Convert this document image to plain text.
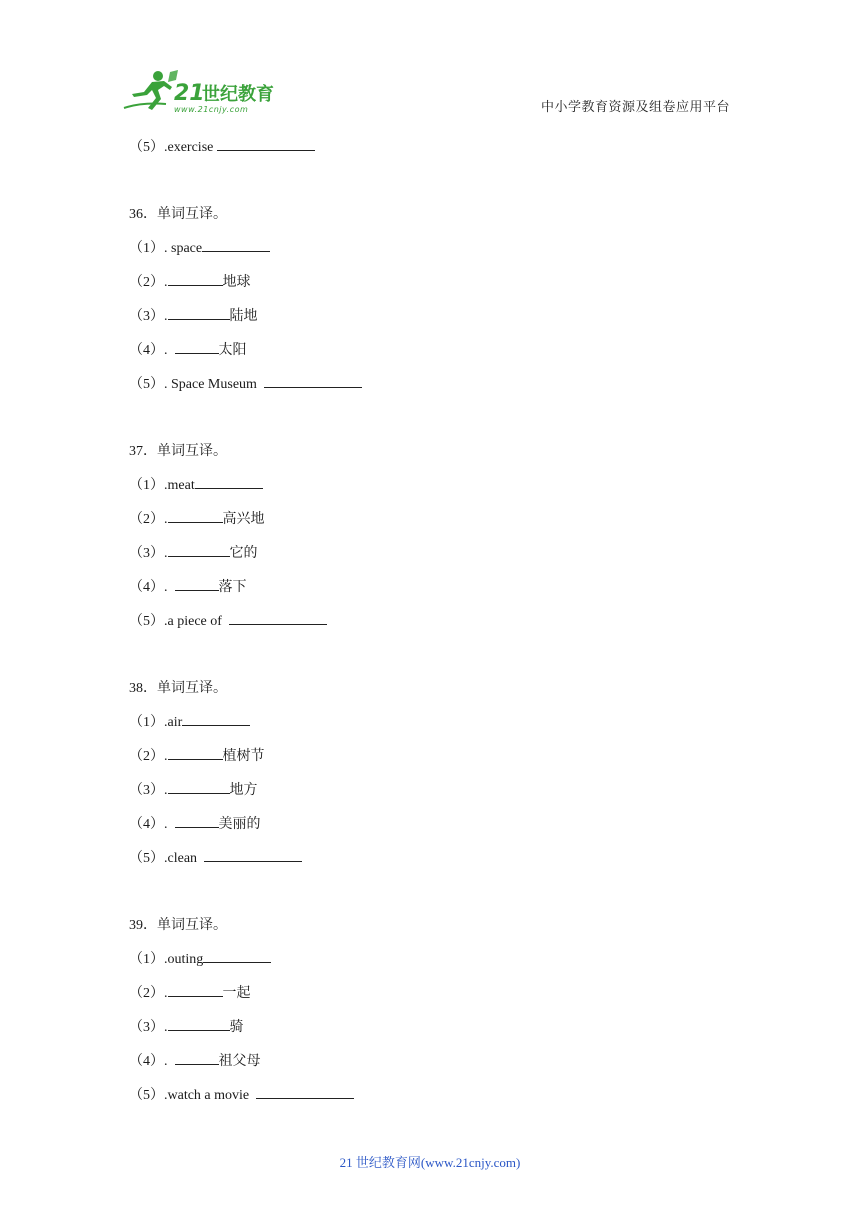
21
世纪教育
www.21cnjy.com	中小学教育资源及组卷应用平台
（5）.exercise
36．单词互译。
（1）. space
（2）.	地球
（3）.	陆地
（4）.	太阳
（5）. Space Museum
37．单词互译。
（1）.meat
（2）.	高兴地
（3）.	它的
（4）.	落下
（5）.a piece of
38．单词互译。
（1）.air
（2）.	植树节
（3）.	地方
（4）.	美丽的
（5）.clean
39．单词互译。
（1）.outing
（2）.	一起
（3）.	骑
（4）.	祖父母
（5）.watch a movie
21 世纪教育网(www.21cnjy.com)
